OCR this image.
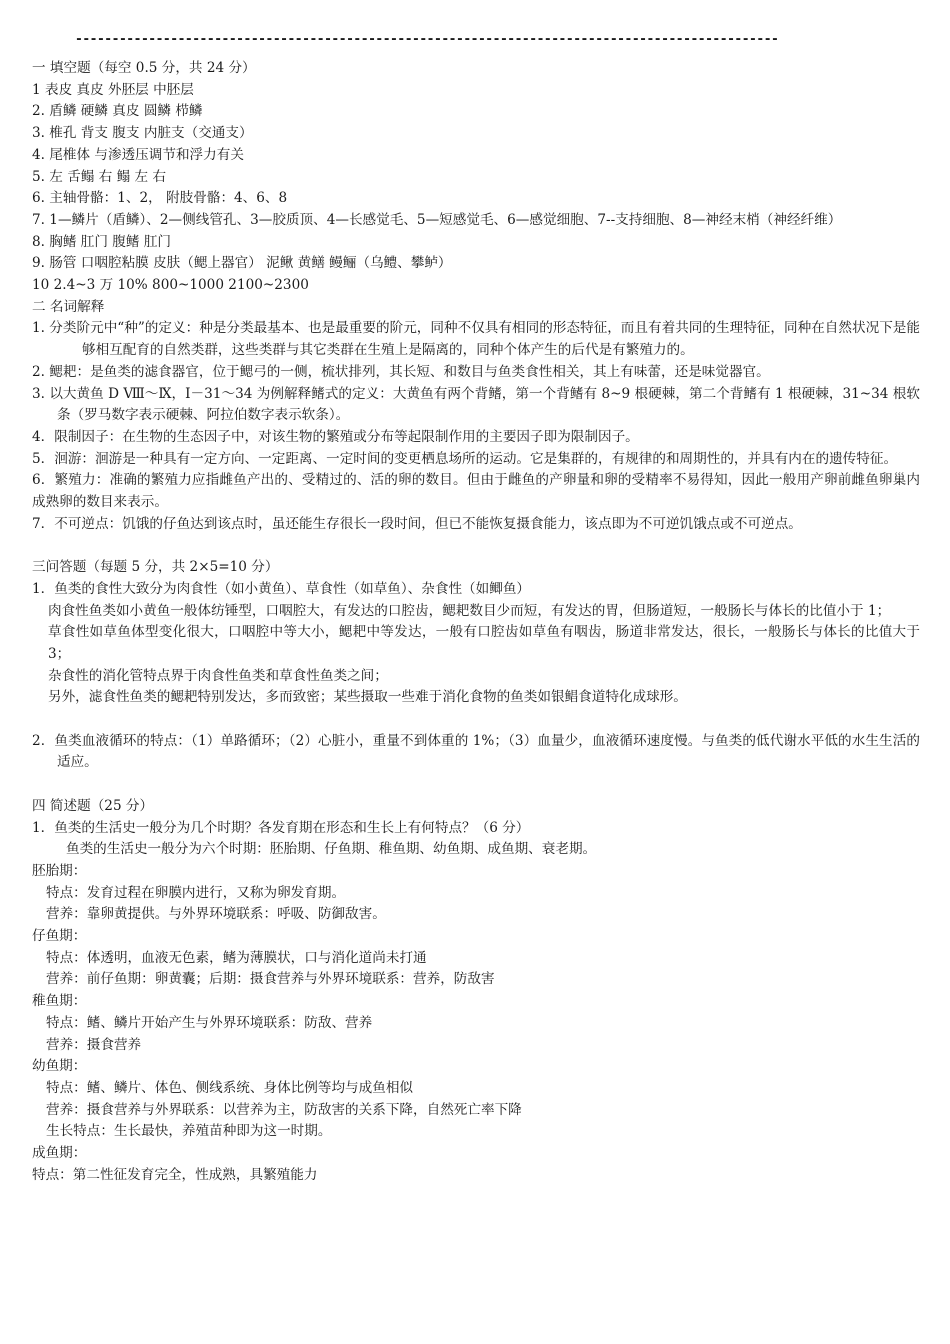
------------------------------------------------------------------------------------------------

一 填空题（每空 0.5 分，共 24 分）

1 表皮 真皮 外胚层 中胚层

2. 盾鳞 硬鳞 真皮 圆鳞 栉鳞

3. 椎孔 背支 腹支 内脏支（交通支）

4. 尾椎体 与渗透压调节和浮力有关

5. 左 舌鳎 右 鳎 左 右

6. 主轴骨骼：1、2， 附肢骨骼：4、6、8

7. 1—鳞片（盾鳞）、2—侧线管孔、3—胶质顶、4—长感觉毛、5—短感觉毛、6—感觉细胞、7--支持细胞、8—神经末梢（神经纤维）

8. 胸鳍 肛门 腹鳍 肛门

9. 肠管 口咽腔粘膜 皮肤（鳃上器官） 泥鳅 黄鳝 鳗鲡（乌鳢、攀鲈）

10 2.4~3 万 10% 800~1000 2100~2300

二 名词解释

1. 分类阶元中“种”的定义：种是分类最基本、也是最重要的阶元，同种不仅具有相同的形态特征，而且有着共同的生理特征，同种在自然状况下是能够相互配育的自然类群，这些类群与其它类群在生殖上是隔离的，同种个体产生的后代是有繁殖力的。

2. 鳃耙：是鱼类的滤食器官，位于鳃弓的一侧，梳状排列，其长短、和数目与鱼类食性相关，其上有味蕾，还是味觉器官。

3. 以大黄鱼 D Ⅷ～Ⅸ，Ⅰ－31～34 为例解释鳍式的定义：大黄鱼有两个背鳍，第一个背鳍有 8~9 根硬棘，第二个背鳍有 1 根硬棘，31~34 根软条（罗马数字表示硬棘、阿拉伯数字表示软条）。

4．限制因子：在生物的生态因子中，对该生物的繁殖或分布等起限制作用的主要因子即为限制因子。

5．洄游：洄游是一种具有一定方向、一定距离、一定时间的变更栖息场所的运动。它是集群的，有规律的和周期性的，并具有内在的遗传特征。

6．繁殖力：准确的繁殖力应指雌鱼产出的、受精过的、活的卵的数目。但由于雌鱼的产卵量和卵的受精率不易得知，因此一般用产卵前雌鱼卵巢内成熟卵的数目来表示。

7．不可逆点：饥饿的仔鱼达到该点时，虽还能生存很长一段时间，但已不能恢复摄食能力，该点即为不可逆饥饿点或不可逆点。

三问答题（每题 5 分，共 2×5=10 分）

1．鱼类的食性大致分为肉食性（如小黄鱼）、草食性（如草鱼）、杂食性（如鲫鱼）

肉食性鱼类如小黄鱼一般体纺锤型，口咽腔大，有发达的口腔齿，鳃耙数目少而短，有发达的胃，但肠道短，一般肠长与体长的比值小于 1；

草食性如草鱼体型变化很大，口咽腔中等大小，鳃耙中等发达，一般有口腔齿如草鱼有咽齿，肠道非常发达，很长，一般肠长与体长的比值大于 3；

杂食性的消化管特点界于肉食性鱼类和草食性鱼类之间；

另外，滤食性鱼类的鳃耙特别发达，多而致密；某些摄取一些难于消化食物的鱼类如银鲳食道特化成球形。

2．鱼类血液循环的特点：（1）单路循环；（2）心脏小，重量不到体重的 1%；（3）血量少，血液循环速度慢。与鱼类的低代谢水平低的水生生活的适应。

四 简述题（25 分）

1．鱼类的生活史一般分为几个时期？各发育期在形态和生长上有何特点？（6 分）

鱼类的生活史一般分为六个时期：胚胎期、仔鱼期、稚鱼期、幼鱼期、成鱼期、衰老期。

胚胎期：

特点：发育过程在卵膜内进行，又称为卵发育期。

营养：靠卵黄提供。与外界环境联系：呼吸、防御敌害。

仔鱼期：

特点：体透明，血液无色素，鳍为薄膜状，口与消化道尚未打通

营养：前仔鱼期：卵黄囊；后期：摄食营养与外界环境联系：营养，防敌害

稚鱼期：

特点：鳍、鳞片开始产生与外界环境联系：防敌、营养

营养：摄食营养

幼鱼期：

特点：鳍、鳞片、体色、侧线系统、身体比例等均与成鱼相似

营养：摄食营养与外界联系：以营养为主，防敌害的关系下降，自然死亡率下降

生长特点：生长最快，养殖苗种即为这一时期。

成鱼期：

特点：第二性征发育完全，性成熟，具繁殖能力
